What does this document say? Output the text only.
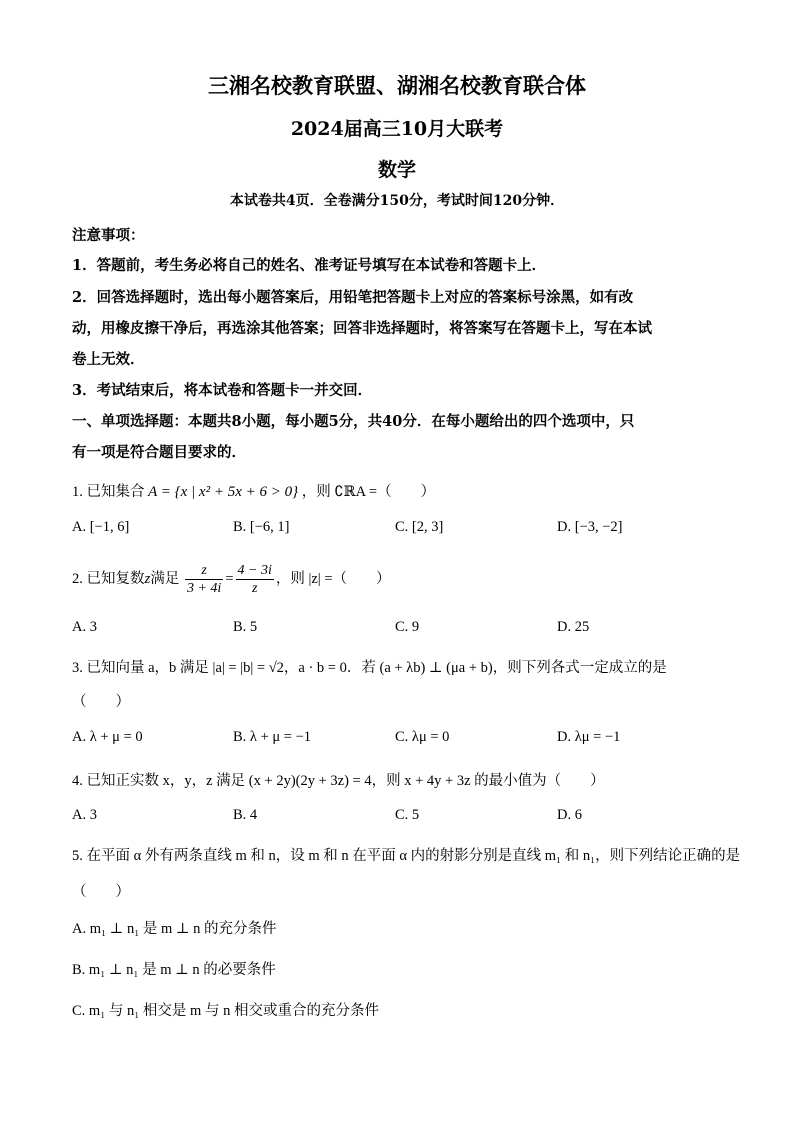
三湘名校教育联盟、湖湘名校教育联合体
2024届高三10月大联考
数学
本试卷共4页．全卷满分150分，考试时间120分钟．
注意事项：
1．答题前，考生务必将自己的姓名、准考证号填写在本试卷和答题卡上．
2．回答选择题时，选出每小题答案后，用铅笔把答题卡上对应的答案标号涂黑，如有改
动，用橡皮擦干净后，再选涂其他答案；回答非选择题时，将答案写在答题卡上，写在本试
卷上无效．
3．考试结束后，将本试卷和答题卡一并交回．
一、单项选择题：本题共8小题，每小题5分，共40分．在每小题给出的四个选项中，只
有一项是符合题目要求的．
1. 已知集合 A = {x | x² + 5x + 6 > 0} ，则 ∁ℝA =（　　）
A. [−1, 6]	B. [−6, 1]	C. [2, 3]	D. [−3, −2]
2. 已知复数z满足 $\frac{z}{3 + 4i} = \frac{4 - 3i}{z}$ ，则 |z| =（　　）
A. 3	B. 5	C. 9	D. 25
3. 已知向量 a，b 满足 |a| = |b| = √2，a · b = 0．若 (a + λb) ⊥ (μa + b)，则下列各式一定成立的是
（　　）
A. λ + μ = 0	B. λ + μ = −1	C. λμ = 0	D. λμ = −1
4. 已知正实数 x，y，z 满足 (x + 2y)(2y + 3z) = 4，则 x + 4y + 3z 的最小值为（　　）
A. 3	B. 4	C. 5	D. 6
5. 在平面 α 外有两条直线 m 和 n，设 m 和 n 在平面 α 内的射影分别是直线 m₁ 和 n₁，则下列结论正确的是
（　　）
A. m₁ ⊥ n₁ 是 m ⊥ n 的充分条件
B. m₁ ⊥ n₁ 是 m ⊥ n 的必要条件
C. m₁ 与 n₁ 相交是 m 与 n 相交或重合的充分条件
